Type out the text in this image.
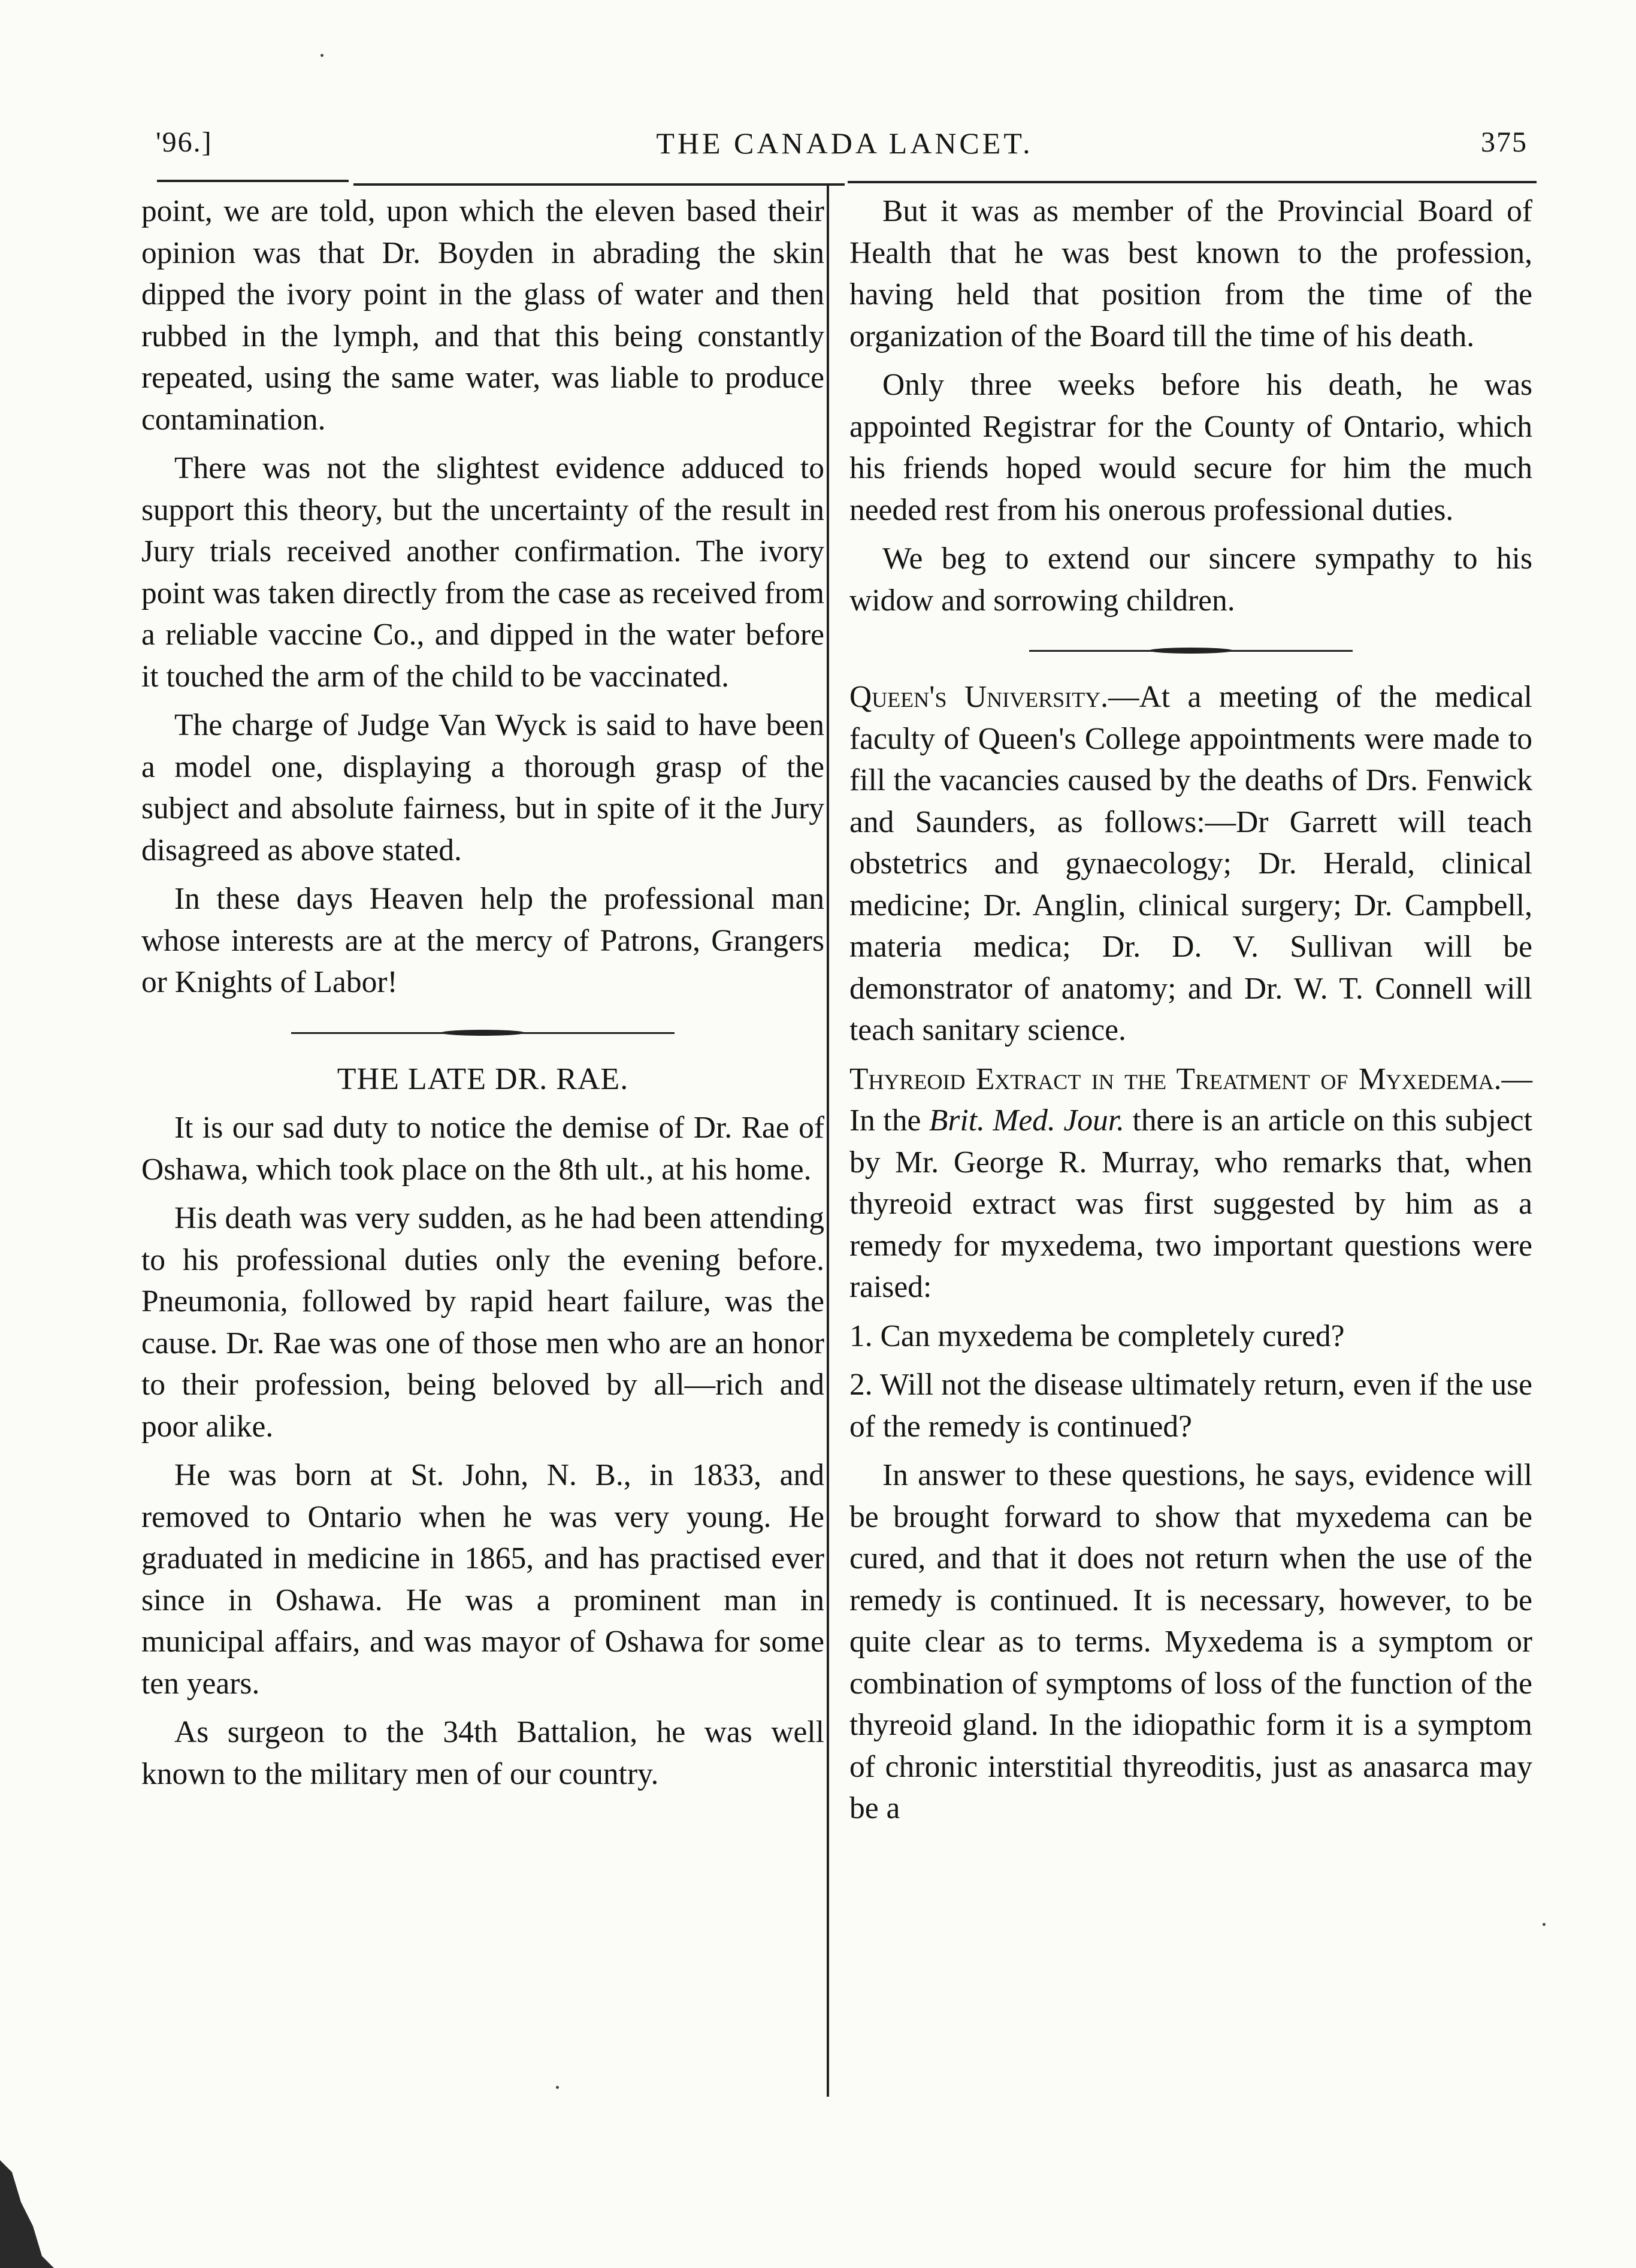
'96.]	THE CANADA LANCET.	375

point, we are told, upon which the eleven based their opinion was that Dr. Boyden in abrading the skin dipped the ivory point in the glass of water and then rubbed in the lymph, and that this being constantly repeated, using the same water, was liable to produce contamination.

There was not the slightest evidence adduced to support this theory, but the uncertainty of the result in Jury trials received another confirmation. The ivory point was taken directly from the case as received from a reliable vaccine Co., and dipped in the water before it touched the arm of the child to be vaccinated.

The charge of Judge Van Wyck is said to have been a model one, displaying a thorough grasp of the subject and absolute fairness, but in spite of it the Jury disagreed as above stated.

In these days Heaven help the professional man whose interests are at the mercy of Patrons, Grangers or Knights of Labor!

THE LATE DR. RAE.

It is our sad duty to notice the demise of Dr. Rae of Oshawa, which took place on the 8th ult., at his home.

His death was very sudden, as he had been attending to his professional duties only the evening before. Pneumonia, followed by rapid heart failure, was the cause. Dr. Rae was one of those men who are an honor to their profession, being beloved by all—rich and poor alike.

He was born at St. John, N. B., in 1833, and removed to Ontario when he was very young. He graduated in medicine in 1865, and has practised ever since in Oshawa. He was a prominent man in municipal affairs, and was mayor of Oshawa for some ten years.

As surgeon to the 34th Battalion, he was well known to the military men of our country.

But it was as member of the Provincial Board of Health that he was best known to the profession, having held that position from the time of the organization of the Board till the time of his death.

Only three weeks before his death, he was appointed Registrar for the County of Ontario, which his friends hoped would secure for him the much needed rest from his onerous professional duties.

We beg to extend our sincere sympathy to his widow and sorrowing children.

Queen's University.—At a meeting of the medical faculty of Queen's College appointments were made to fill the vacancies caused by the deaths of Drs. Fenwick and Saunders, as follows:—Dr Garrett will teach obstetrics and gynaecology; Dr. Herald, clinical medicine; Dr. Anglin, clinical surgery; Dr. Campbell, materia medica; Dr. D. V. Sullivan will be demonstrator of anatomy; and Dr. W. T. Connell will teach sanitary science.

Thyreoid Extract in the Treatment of Myxedema.—In the Brit. Med. Jour. there is an article on this subject by Mr. George R. Murray, who remarks that, when thyreoid extract was first suggested by him as a remedy for myxedema, two important questions were raised:

1. Can myxedema be completely cured?

2. Will not the disease ultimately return, even if the use of the remedy is continued?

In answer to these questions, he says, evidence will be brought forward to show that myxedema can be cured, and that it does not return when the use of the remedy is continued. It is necessary, however, to be quite clear as to terms. Myxedema is a symptom or combination of symptoms of loss of the function of the thyreoid gland. In the idiopathic form it is a symptom of chronic interstitial thyreoditis, just as anasarca may be a
